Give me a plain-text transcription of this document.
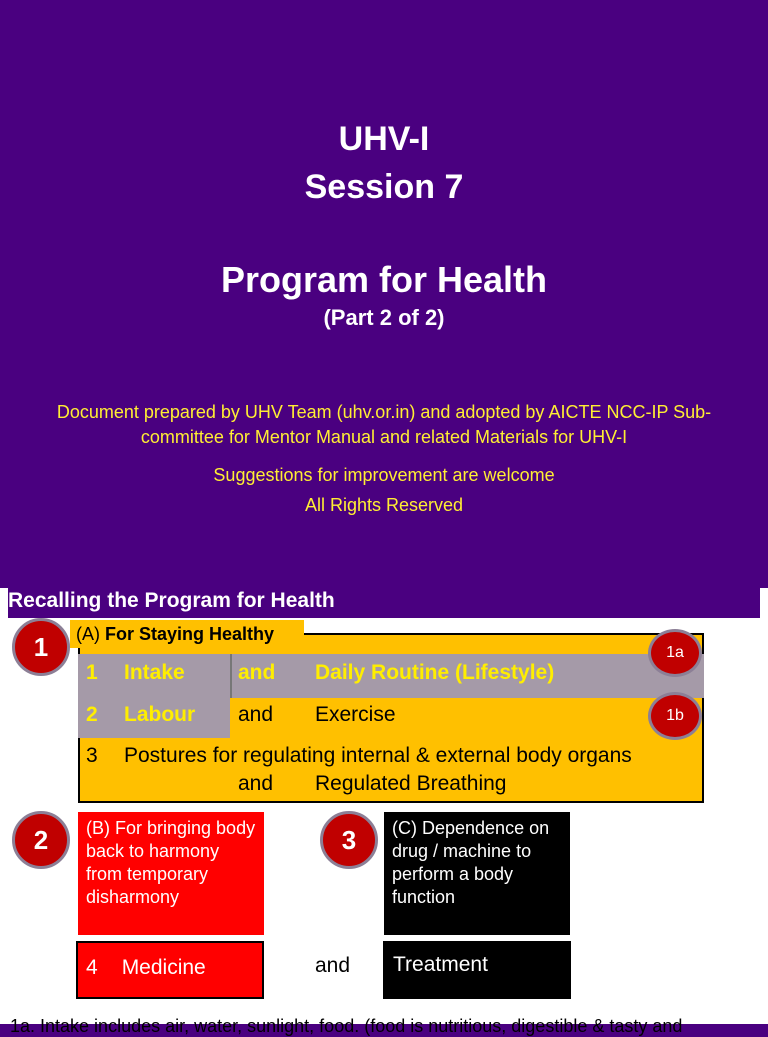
UHV-I
Session 7
Program for Health
(Part 2 of 2)
Document prepared by UHV Team (uhv.or.in) and adopted by AICTE NCC-IP Sub-committee for Mentor Manual and related Materials for UHV-I
Suggestions for improvement are welcome
All Rights Reserved
Recalling the Program for Health
(A) For Staying Healthy
1 Intake	and Daily Routine (Lifestyle)
2 Labour and Exercise
3 Postures for regulating internal & external body organs
and Regulated Breathing
1	1a
1b
2	(B) For bringing body back to harmony from temporary disharmony
3	(C) Dependence on drug / machine to perform a body function
4 Medicine	and	Treatment
1a. Intake includes air, water, sunlight, food. (food is nutritious, digestible & tasty and
